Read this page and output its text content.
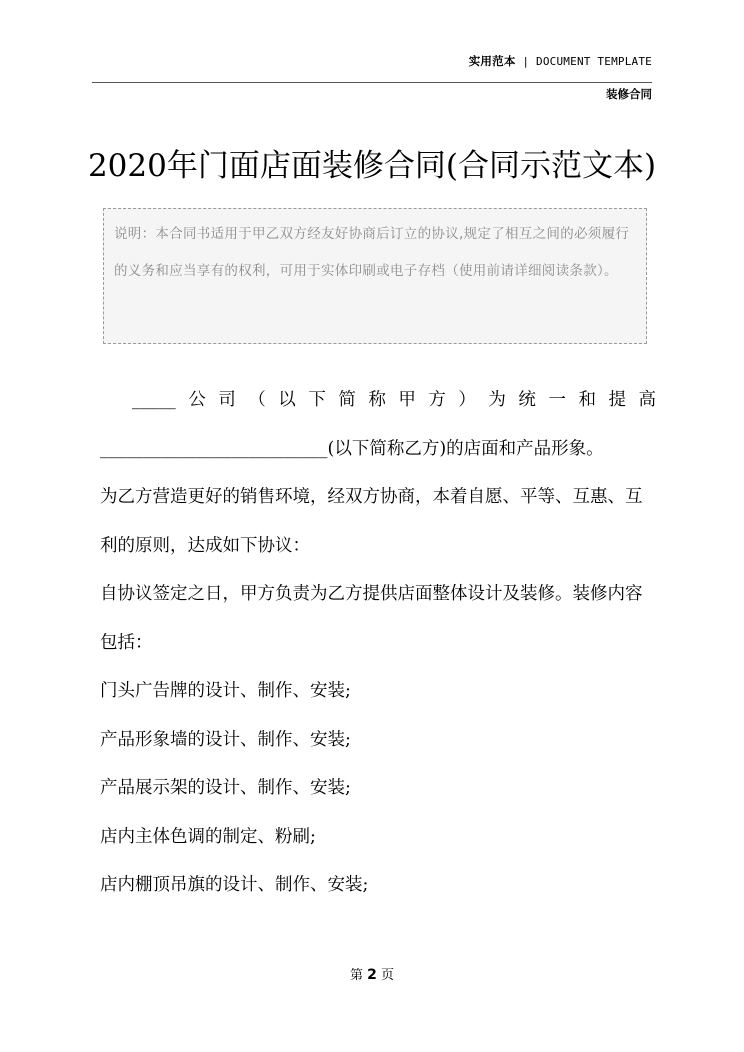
实用范本 | DOCUMENT TEMPLATE
装修合同
2020年门面店面装修合同(合同示范文本)
说明：本合同书适用于甲乙双方经友好协商后订立的协议,规定了相互之间的必须履行的义务和应当享有的权利，可用于实体印刷或电子存档（使用前请详细阅读条款）。

_____公司（以下简称甲方）为统一和提高

__________________________(以下简称乙方)的店面和产品形象。

为乙方营造更好的销售环境，经双方协商，本着自愿、平等、互惠、互利的原则，达成如下协议：

自协议签定之日，甲方负责为乙方提供店面整体设计及装修。装修内容包括：

门头广告牌的设计、制作、安装;

产品形象墙的设计、制作、安装;

产品展示架的设计、制作、安装;

店内主体色调的制定、粉刷;

店内棚顶吊旗的设计、制作、安装;

第 2 页
